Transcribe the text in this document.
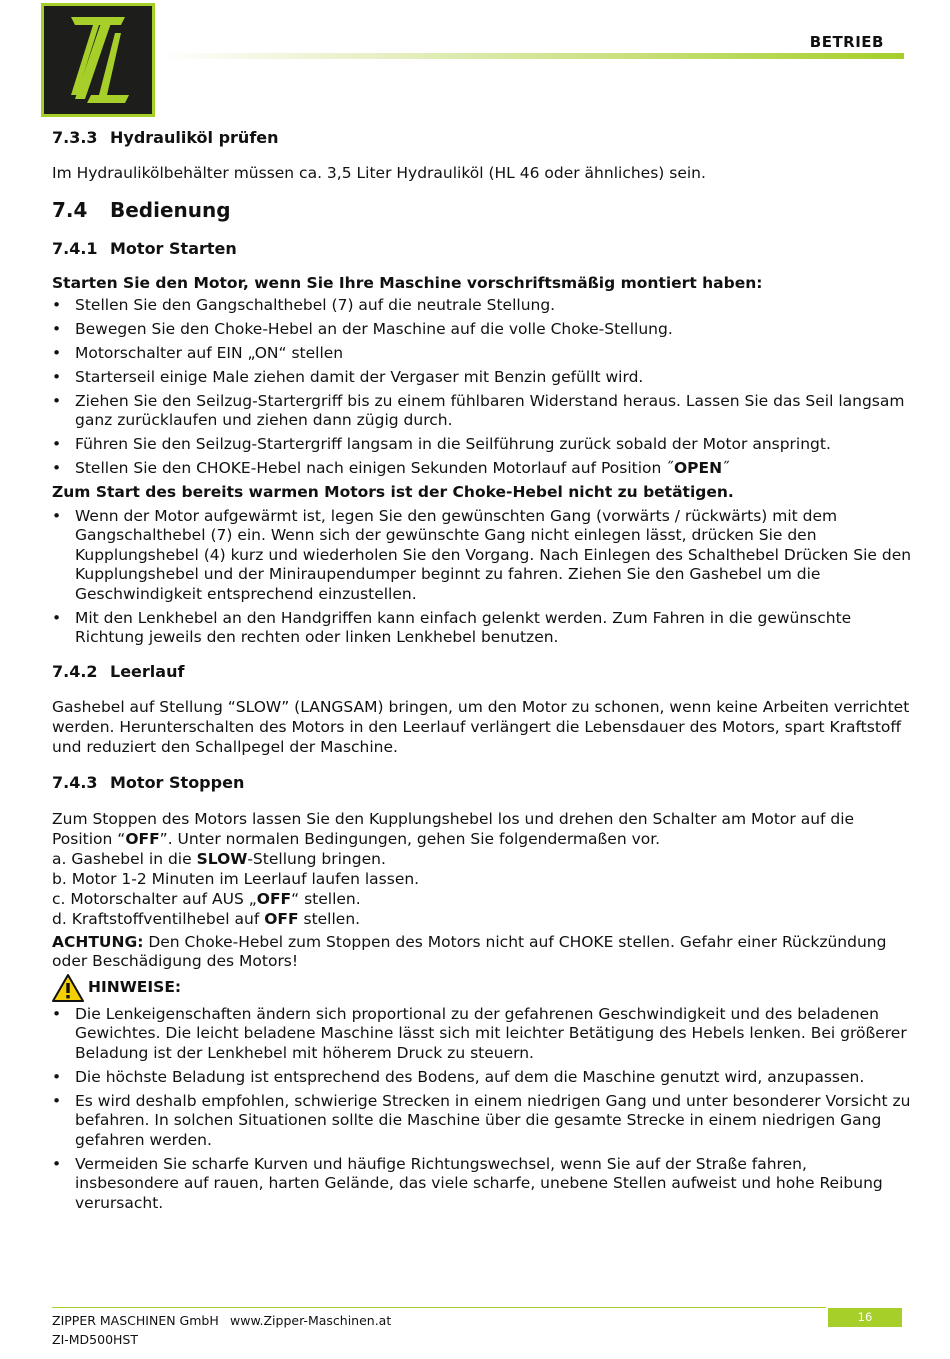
BETRIEB
7.3.3 Hydrauliköl prüfen

Im Hydraulikölbehälter müssen ca. 3,5 Liter Hydrauliköl (HL 46 oder ähnliches) sein.

7.4 Bedienung
7.4.1 Motor Starten

Starten Sie den Motor, wenn Sie Ihre Maschine vorschriftsmäßig montiert haben:

• Stellen Sie den Gangschalthebel (7) auf die neutrale Stellung.
• Bewegen Sie den Choke-Hebel an der Maschine auf die volle Choke-Stellung.
• Motorschalter auf EIN „ON“ stellen
• Starterseil einige Male ziehen damit der Vergaser mit Benzin gefüllt wird.
• Ziehen Sie den Seilzug-Startergriff bis zu einem fühlbaren Widerstand heraus. Lassen Sie das Seil langsam ganz zurücklaufen und ziehen dann zügig durch.
• Führen Sie den Seilzug-Startergriff langsam in die Seilführung zurück sobald der Motor anspringt.
• Stellen Sie den CHOKE-Hebel nach einigen Sekunden Motorlauf auf Position ˝OPEN˝

Zum Start des bereits warmen Motors ist der Choke-Hebel nicht zu betätigen.

• Wenn der Motor aufgewärmt ist, legen Sie den gewünschten Gang (vorwärts / rückwärts) mit dem Gangschalthebel (7) ein. Wenn sich der gewünschte Gang nicht einlegen lässt, drücken Sie den Kupplungshebel (4) kurz und wiederholen Sie den Vorgang. Nach Einlegen des Schalthebel Drücken Sie den Kupplungshebel und der Miniraupendumper beginnt zu fahren. Ziehen Sie den Gashebel um die Geschwindigkeit entsprechend einzustellen.
• Mit den Lenkhebel an den Handgriffen kann einfach gelenkt werden. Zum Fahren in die gewünschte Richtung jeweils den rechten oder linken Lenkhebel benutzen.
7.4.2 Leerlauf

Gashebel auf Stellung “SLOW” (LANGSAM) bringen, um den Motor zu schonen, wenn keine Arbeiten verrichtet werden. Herunterschalten des Motors in den Leerlauf verlängert die Lebensdauer des Motors, spart Kraftstoff und reduziert den Schallpegel der Maschine.

7.4.3 Motor Stoppen

Zum Stoppen des Motors lassen Sie den Kupplungshebel los und drehen den Schalter am Motor auf die Position “OFF”. Unter normalen Bedingungen, gehen Sie folgendermaßen vor.

a. Gashebel in die SLOW-Stellung bringen.

b. Motor 1-2 Minuten im Leerlauf laufen lassen.

c. Motorschalter auf AUS „OFF“ stellen.

d. Kraftstoffventilhebel auf OFF stellen.

ACHTUNG: Den Choke-Hebel zum Stoppen des Motors nicht auf CHOKE stellen. Gefahr einer Rückzündung oder Beschädigung des Motors!

HINWEISE:
• Die Lenkeigenschaften ändern sich proportional zu der gefahrenen Geschwindigkeit und des beladenen Gewichtes. Die leicht beladene Maschine lässt sich mit leichter Betätigung des Hebels lenken. Bei größerer Beladung ist der Lenkhebel mit höherem Druck zu steuern.
• Die höchste Beladung ist entsprechend des Bodens, auf dem die Maschine genutzt wird, anzupassen.
• Es wird deshalb empfohlen, schwierige Strecken in einem niedrigen Gang und unter besonderer Vorsicht zu befahren. In solchen Situationen sollte die Maschine über die gesamte Strecke in einem niedrigen Gang gefahren werden.
• Vermeiden Sie scharfe Kurven und häufige Richtungswechsel, wenn Sie auf der Straße fahren, insbesondere auf rauen, harten Gelände, das viele scharfe, unebene Stellen aufweist und hohe Reibung verursacht.
ZIPPER MASCHINEN GmbH www.Zipper-Maschinen.at	16
ZI-MD500HST
